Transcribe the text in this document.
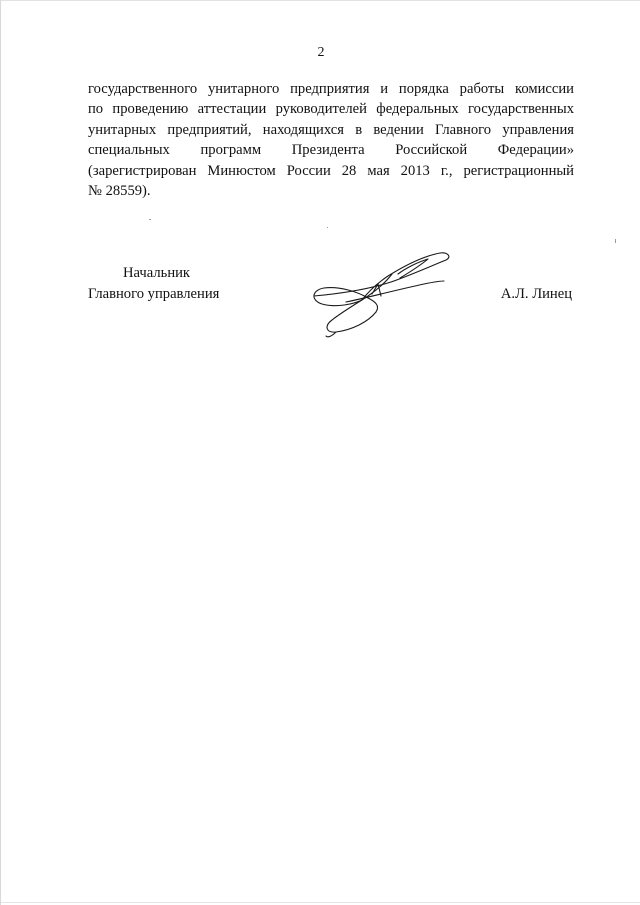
2
государственного унитарного предприятия и порядка работы комиссии
по проведению аттестации руководителей федеральных государственных
унитарных предприятий, находящихся в ведении Главного управления
специальных программ Президента Российской Федерации»
(зарегистрирован Минюстом России 28 мая 2013 г., регистрационный
№ 28559).
Начальник
Главного управления	А.Л. Линец
